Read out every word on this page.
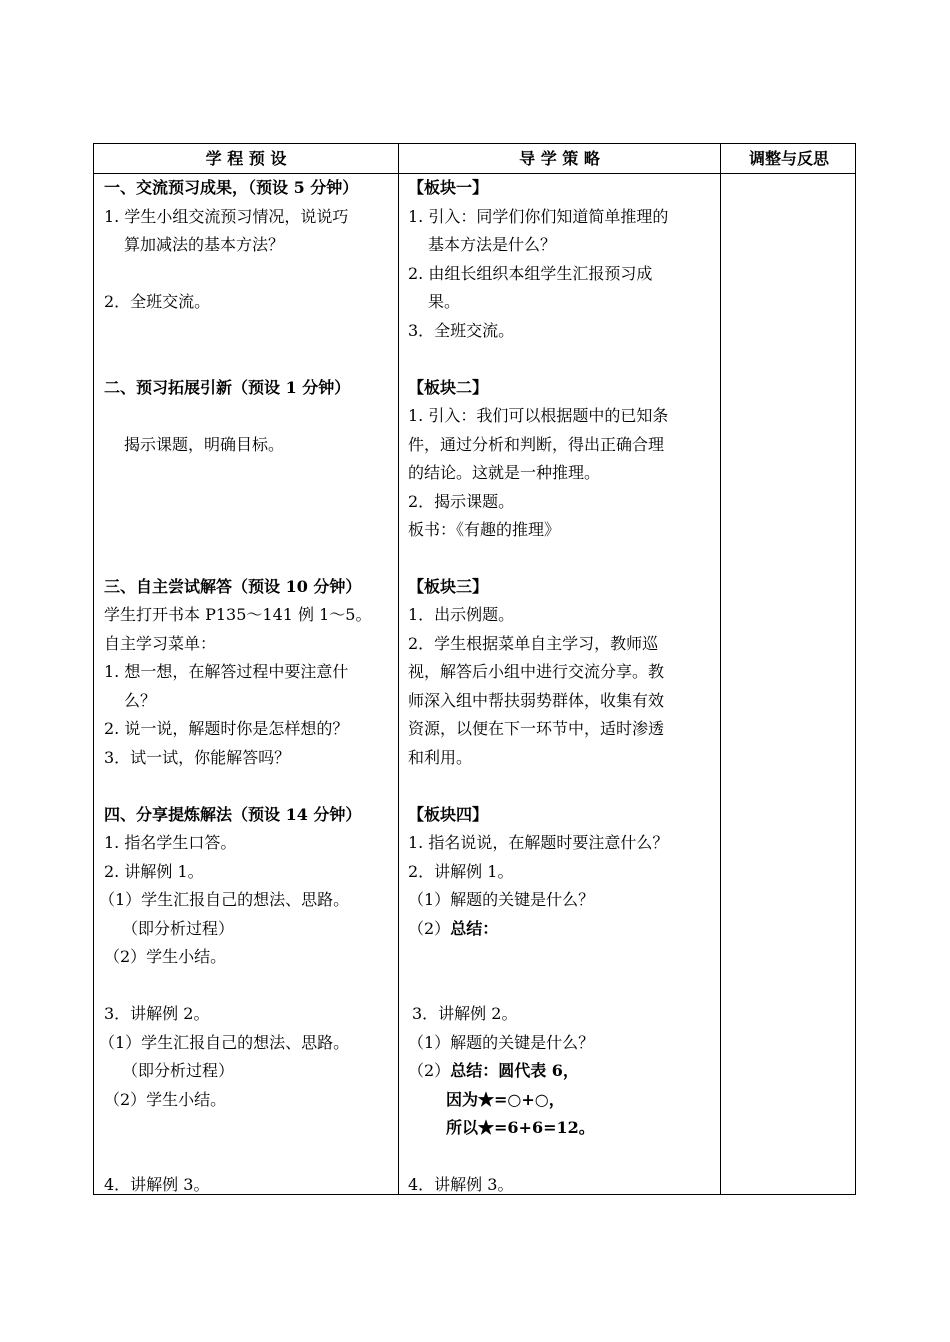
学 程 预 设	导 学 策 略	调整与反思
一、交流预习成果，（预设 5 分钟）
1. 学生小组交流预习情况，说说巧
算加减法的基本方法？
2．全班交流。
二、预习拓展引新（预设 1 分钟）
揭示课题，明确目标。
三、自主尝试解答（预设 10 分钟）
学生打开书本 P135～141 例 1～5。
自主学习菜单：
1. 想一想，在解答过程中要注意什
么？
2. 说一说，解题时你是怎样想的？
3．试一试，你能解答吗？
四、分享提炼解法（预设 14 分钟）
1. 指名学生口答。
2. 讲解例 1。
（1）学生汇报自己的想法、思路。
（即分析过程）
（2）学生小结。
3．讲解例 2。
（1）学生汇报自己的想法、思路。
（即分析过程）
（2）学生小结。
4．讲解例 3。
【板块一】
1. 引入：同学们你们知道简单推理的
基本方法是什么？
2. 由组长组织本组学生汇报预习成
果。
3．全班交流。
【板块二】
1. 引入：我们可以根据题中的已知条
件，通过分析和判断，得出正确合理
的结论。这就是一种推理。
2．揭示课题。
板书：《有趣的推理》
【板块三】
1．出示例题。
2．学生根据菜单自主学习，教师巡
视，解答后小组中进行交流分享。教
师深入组中帮扶弱势群体，收集有效
资源，以便在下一环节中，适时渗透
和利用。
【板块四】
1. 指名说说，在解题时要注意什么？
2．讲解例 1。
（1）解题的关键是什么？
（2）总结：
3．讲解例 2。
（1）解题的关键是什么？
（2）总结：圆代表 6，
因为★=○+○，
所以★=6+6=12。
4．讲解例 3。
